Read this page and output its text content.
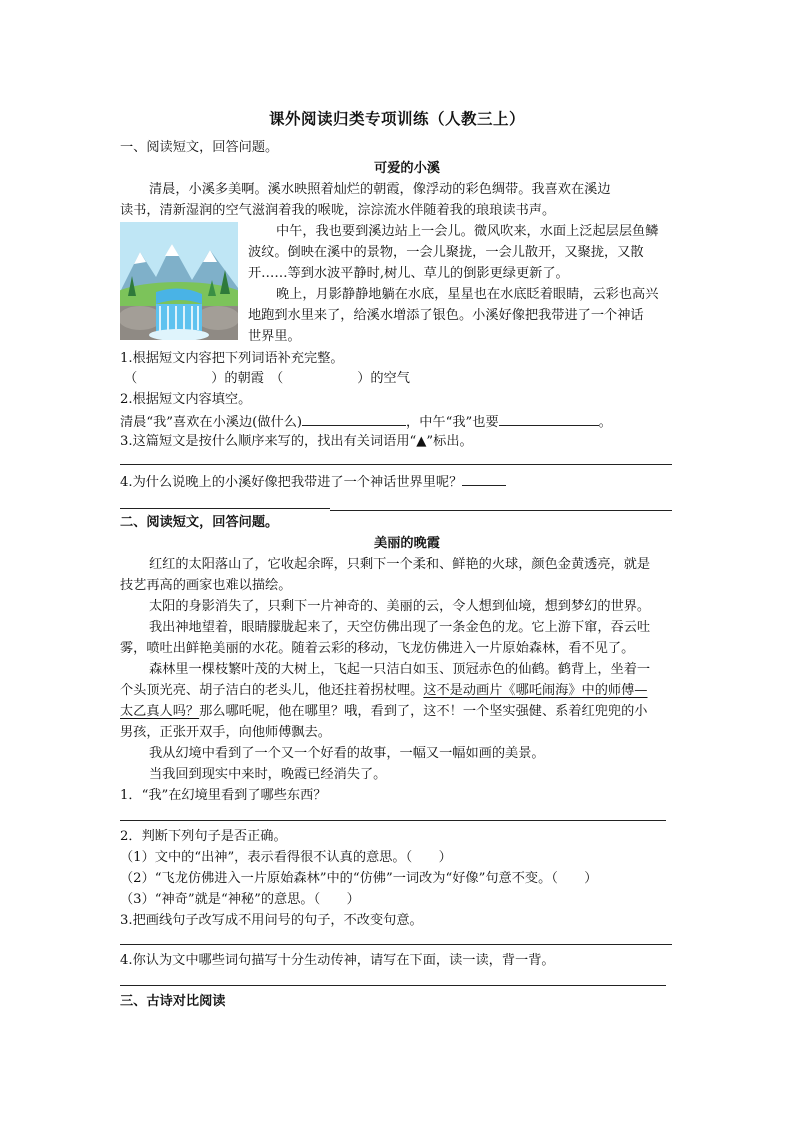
课外阅读归类专项训练（人教三上）
一、阅读短文，回答问题。
可爱的小溪
清晨，小溪多美啊。溪水映照着灿烂的朝霞，像浮动的彩色绸带。我喜欢在溪边
读书，清新湿润的空气滋润着我的喉咙，淙淙流水伴随着我的琅琅读书声。
中午，我也要到溪边站上一会儿。微风吹来，水面上泛起层层鱼鳞
波纹。倒映在溪中的景物，一会儿聚拢，一会儿散开，又聚拢，又散
开……等到水波平静时,树儿、草儿的倒影更绿更新了。
晚上，月影静静地躺在水底，星星也在水底眨着眼睛，云彩也高兴
地跑到水里来了，给溪水增添了银色。小溪好像把我带进了一个神话
世界里。
1.根据短文内容把下列词语补充完整。
（	）的朝霞 （	）的空气
2.根据短文内容填空。
清晨“我”喜欢在小溪边(做什么)	，中午“我”也要	。
3.这篇短文是按什么顺序来写的，找出有关词语用“▲”标出。
4.为什么说晚上的小溪好像把我带进了一个神话世界里呢？
二、阅读短文，回答问题。
美丽的晚霞
红红的太阳落山了，它收起余晖，只剩下一个柔和、鲜艳的火球，颜色金黄透亮，就是
技艺再高的画家也难以描绘。
太阳的身影消失了，只剩下一片神奇的、美丽的云，令人想到仙境，想到梦幻的世界。
我出神地望着，眼睛朦胧起来了，天空仿佛出现了一条金色的龙。它上游下窜，吞云吐
雾，喷吐出鲜艳美丽的水花。随着云彩的移动，飞龙仿佛进入一片原始森林，看不见了。
森林里一棵枝繁叶茂的大树上，飞起一只洁白如玉、顶冠赤色的仙鹤。鹤背上，坐着一
个头顶光亮、胡子洁白的老头儿，他还拄着拐杖哩。这不是动画片《哪吒闹海》中的师傅—
太乙真人吗？那么哪吒呢，他在哪里？哦，看到了，这不！一个坚实强健、系着红兜兜的小
男孩，正张开双手，向他师傅飘去。
我从幻境中看到了一个又一个好看的故事，一幅又一幅如画的美景。
当我回到现实中来时，晚霞已经消失了。
1．“我”在幻境里看到了哪些东西？
2．判断下列句子是否正确。
（1）文中的“出神”，表示看得很不认真的意思。（　　）
（2）“飞龙仿佛进入一片原始森林”中的“仿佛”一词改为“好像”句意不变。（　　）
（3）“神奇”就是“神秘”的意思。（　　）
3.把画线句子改写成不用问号的句子，不改变句意。
4.你认为文中哪些词句描写十分生动传神，请写在下面，读一读，背一背。
三、古诗对比阅读
